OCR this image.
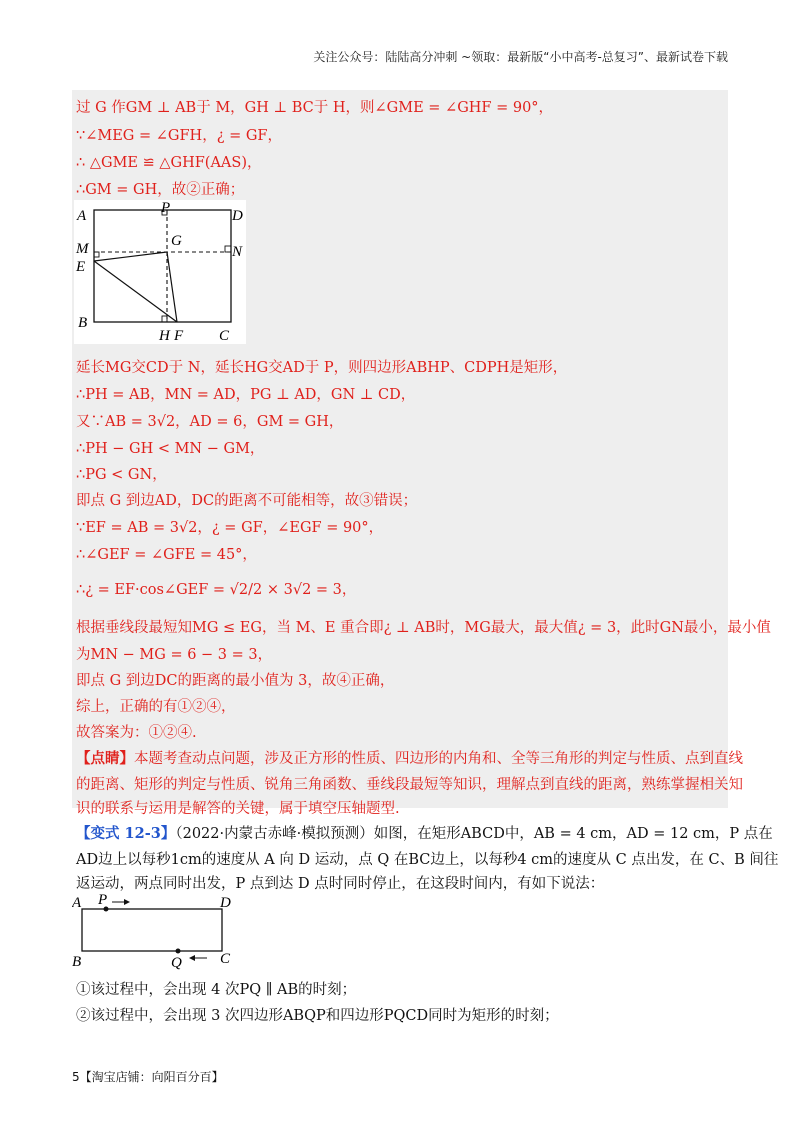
关注公众号：陆陆高分冲刺 ~领取：最新版“小中高考-总复习”、最新试卷下载
过 G 作GM ⊥ AB于 M，GH ⊥ BC于 H，则∠GME = ∠GHF = 90°，
∵∠MEG = ∠GFH，¿ = GF，
∴ △GME ≌ △GHF(AAS)，
∴GM = GH，故②正确；
A	P	D
M	G
N
E
B
H F C
延长MG交CD于 N，延长HG交AD于 P，则四边形ABHP、CDPH是矩形，
∴PH = AB，MN = AD，PG ⊥ AD，GN ⊥ CD，
又∵AB = 3√2，AD = 6，GM = GH，
∴PH − GH < MN − GM，
∴PG < GN，
即点 G 到边AD，DC的距离不可能相等，故③错误；
∵EF = AB = 3√2，¿ = GF，∠EGF = 90°，
∴∠GEF = ∠GFE = 45°，
∴¿ = EF·cos∠GEF = √2/2 × 3√2 = 3，
根据垂线段最短知MG ≤ EG，当 M、E 重合即¿ ⊥ AB时，MG最大，最大值¿ = 3，此时GN最小，最小值
为MN − MG = 6 − 3 = 3，
即点 G 到边DC的距离的最小值为 3，故④正确，
综上，正确的有①②④，
故答案为：①②④.
【点睛】本题考查动点问题，涉及正方形的性质、四边形的内角和、全等三角形的判定与性质、点到直线
的距离、矩形的判定与性质、锐角三角函数、垂线段最短等知识，理解点到直线的距离，熟练掌握相关知
识的联系与运用是解答的关键，属于填空压轴题型.
【变式 12-3】（2022·内蒙古赤峰·模拟预测）如图，在矩形ABCD中，AB = 4 cm，AD = 12 cm，P 点在
AD边上以每秒1cm的速度从 A 向 D 运动，点 Q 在BC边上，以每秒4 cm的速度从 C 点出发，在 C、B 间往
返运动，两点同时出发，P 点到达 D 点时同时停止，在这段时间内，有如下说法：
A P	D
B	Q	C
①该过程中，会出现 4 次PQ ∥ AB的时刻；
②该过程中，会出现 3 次四边形ABQP和四边形PQCD同时为矩形的时刻；
5【淘宝店铺：向阳百分百】
